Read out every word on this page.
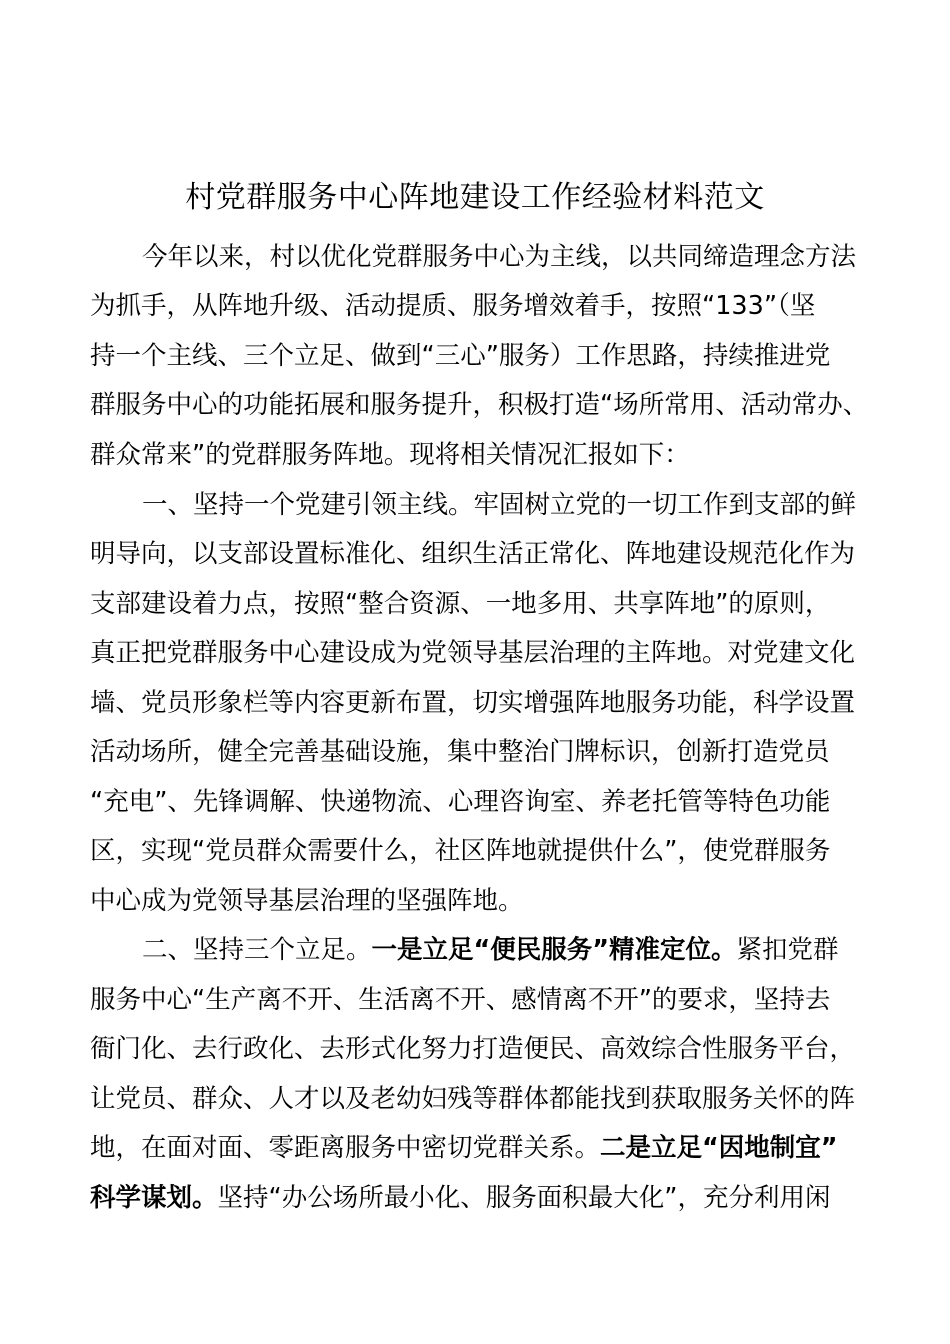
村党群服务中心阵地建设工作经验材料范文
今年以来，村以优化党群服务中心为主线，以共同缔造理念方法
为抓手，从阵地升级、活动提质、服务增效着手，按照“133”（坚
持一个主线、三个立足、做到“三心”服务）工作思路，持续推进党
群服务中心的功能拓展和服务提升，积极打造“场所常用、活动常办、
群众常来”的党群服务阵地。现将相关情况汇报如下：
一、坚持一个党建引领主线。牢固树立党的一切工作到支部的鲜
明导向，以支部设置标准化、组织生活正常化、阵地建设规范化作为
支部建设着力点，按照“整合资源、一地多用、共享阵地”的原则，
真正把党群服务中心建设成为党领导基层治理的主阵地。对党建文化
墙、党员形象栏等内容更新布置，切实增强阵地服务功能，科学设置
活动场所，健全完善基础设施，集中整治门牌标识，创新打造党员
“充电”、先锋调解、快递物流、心理咨询室、养老托管等特色功能
区，实现“党员群众需要什么，社区阵地就提供什么”，使党群服务
中心成为党领导基层治理的坚强阵地。
二、坚持三个立足。一是立足“便民服务”精准定位。紧扣党群
服务中心“生产离不开、生活离不开、感情离不开”的要求，坚持去
衙门化、去行政化、去形式化努力打造便民、高效综合性服务平台，
让党员、群众、人才以及老幼妇残等群体都能找到获取服务关怀的阵
地，在面对面、零距离服务中密切党群关系。二是立足“因地制宜”
科学谋划。坚持“办公场所最小化、服务面积最大化”，充分利用闲
